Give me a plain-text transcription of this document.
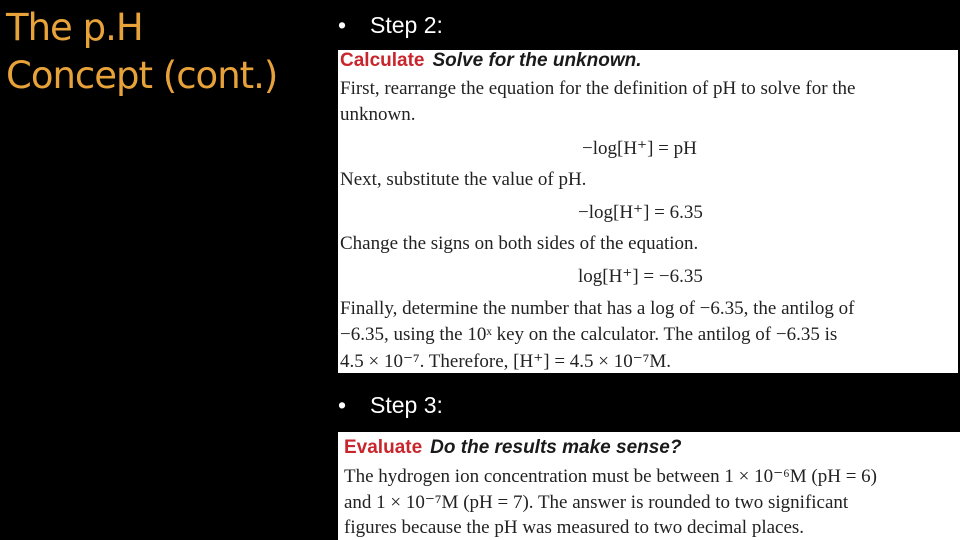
The p.H
Concept (cont.)
• Step 2:
Calculate Solve for the unknown.
First, rearrange the equation for the definition of pH to solve for the
unknown.
−log[H⁺] = pH
Next, substitute the value of pH.
−log[H⁺] = 6.35
Change the signs on both sides of the equation.
log[H⁺] = −6.35
Finally, determine the number that has a log of −6.35, the antilog of
−6.35, using the 10ˣ key on the calculator. The antilog of −6.35 is
4.5 × 10⁻⁷. Therefore, [H⁺] = 4.5 × 10⁻⁷M.
• Step 3:
Evaluate Do the results make sense?
The hydrogen ion concentration must be between 1 × 10⁻⁶M (pH = 6)
and 1 × 10⁻⁷M (pH = 7). The answer is rounded to two significant
figures because the pH was measured to two decimal places.
